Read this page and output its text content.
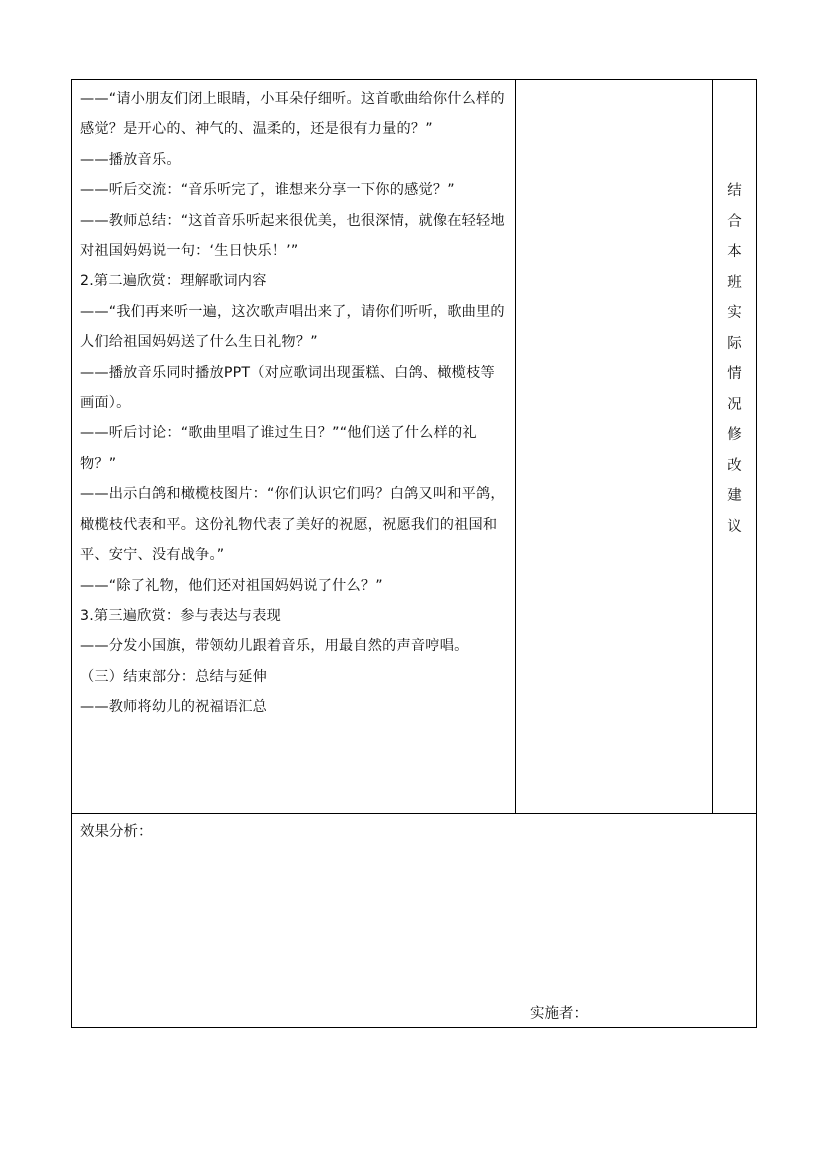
——“请小朋友们闭上眼睛，小耳朵仔细听。这首歌曲给你什么样的感觉？是开心的、神气的、温柔的，还是很有力量的？”

——播放音乐。

——听后交流：“音乐听完了，谁想来分享一下你的感觉？”

——教师总结：“这首音乐听起来很优美，也很深情，就像在轻轻地对祖国妈妈说一句：‘生日快乐！’”

2.第二遍欣赏：理解歌词内容

——“我们再来听一遍，这次歌声唱出来了，请你们听听，歌曲里的人们给祖国妈妈送了什么生日礼物？”

——播放音乐同时播放PPT（对应歌词出现蛋糕、白鸽、橄榄枝等画面）。

——听后讨论：“歌曲里唱了谁过生日？”“他们送了什么样的礼物？”

——出示白鸽和橄榄枝图片：“你们认识它们吗？白鸽又叫和平鸽，橄榄枝代表和平。这份礼物代表了美好的祝愿，祝愿我们的祖国和平、安宁、没有战争。”

——“除了礼物，他们还对祖国妈妈说了什么？”

3.第三遍欣赏：参与表达与表现

——分发小国旗，带领幼儿跟着音乐，用最自然的声音哼唱。

（三）结束部分：总结与延伸

——教师将幼儿的祝福语汇总

结
合
本
班
实
际
情
况
修
改
建
议

效果分析：
实施者：
